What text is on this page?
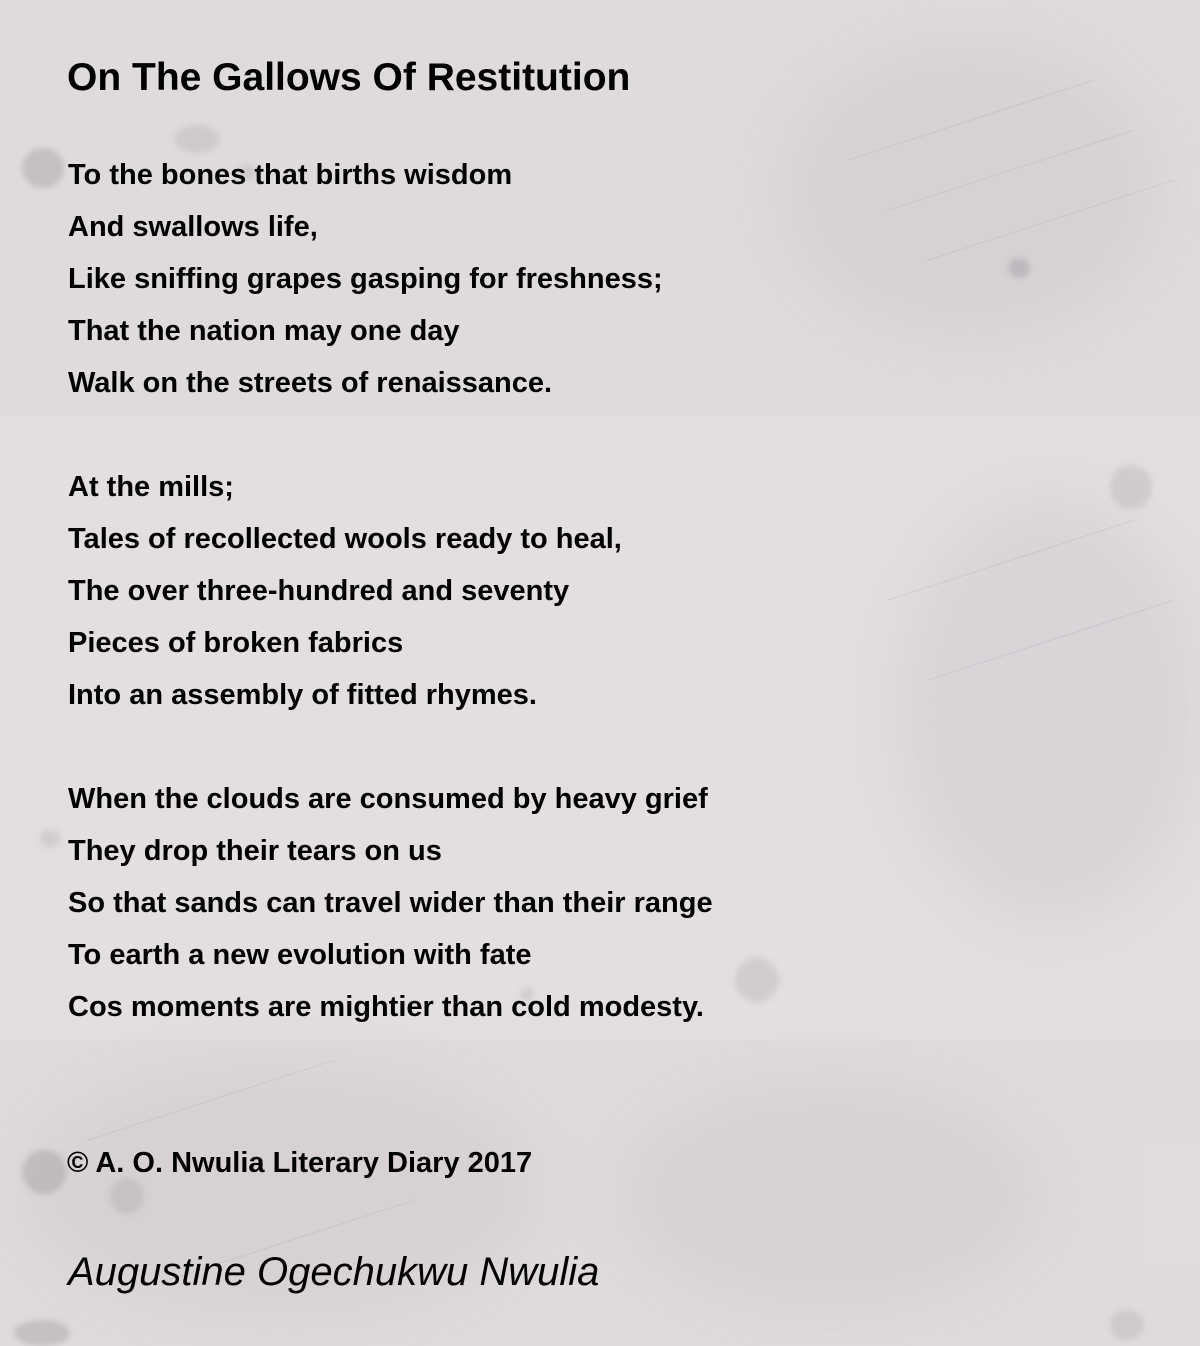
On The Gallows Of Restitution
To the bones that births wisdom
And swallows life,
Like sniffing grapes gasping for freshness;
That the nation may one day
Walk on the streets of renaissance.
At the mills;
Tales of recollected wools ready to heal,
The over three-hundred and seventy
Pieces of broken fabrics
Into an assembly of fitted rhymes.
When the clouds are consumed by heavy grief
They drop their tears on us
So that sands can travel wider than their range
To earth a new evolution with fate
Cos moments are mightier than cold modesty.
© A. O. Nwulia Literary Diary 2017
Augustine Ogechukwu Nwulia
